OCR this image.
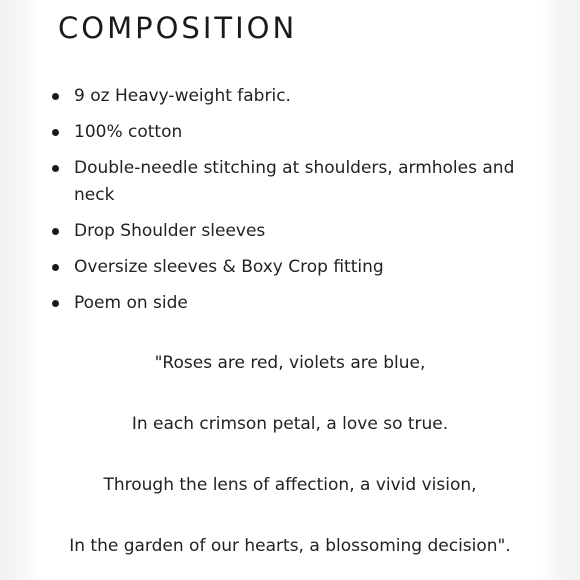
COMPOSITION
9 oz Heavy-weight fabric.
100% cotton
Double-needle stitching at shoulders, armholes and neck
Drop Shoulder sleeves
Oversize sleeves & Boxy Crop fitting
Poem on side

"Roses are red, violets are blue,

In each crimson petal, a love so true.

Through the lens of affection, a vivid vision,

In the garden of our hearts, a blossoming decision".
